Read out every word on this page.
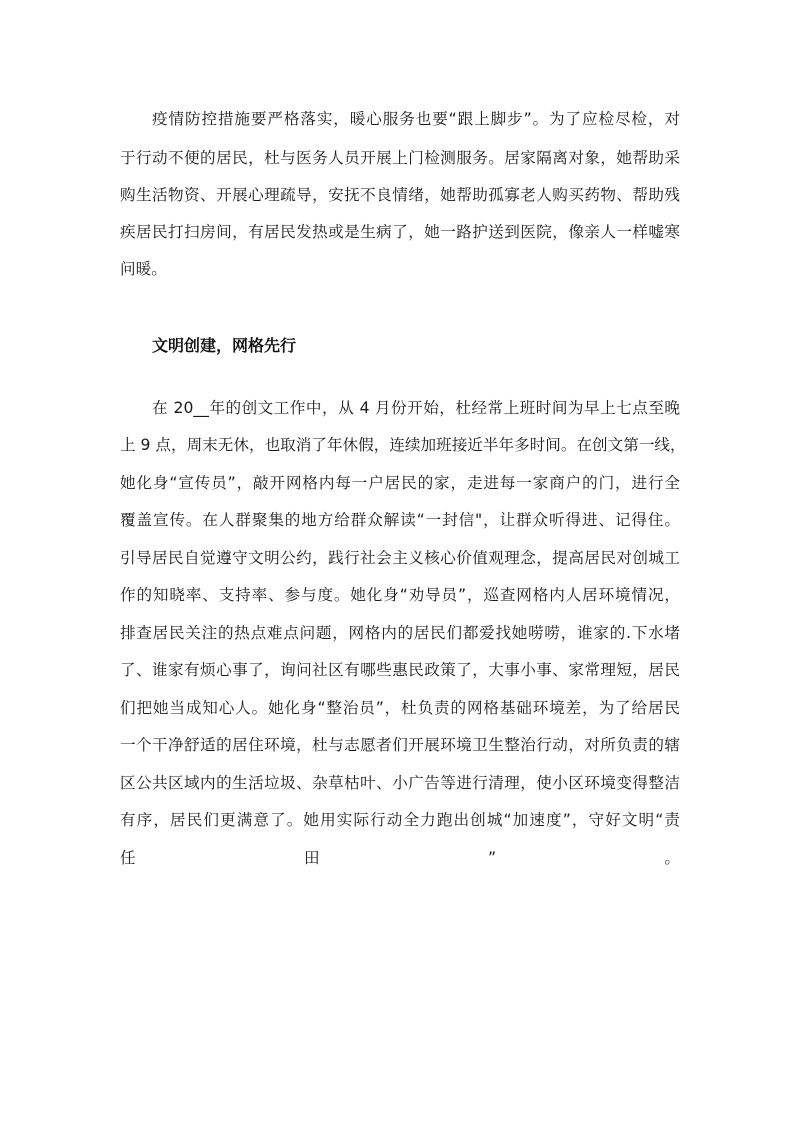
疫情防控措施要严格落实，暖心服务也要“跟上脚步”。为了应检尽检，对
于行动不便的居民，杜与医务人员开展上门检测服务。居家隔离对象，她帮助采
购生活物资、开展心理疏导，安抚不良情绪，她帮助孤寡老人购买药物、帮助残
疾居民打扫房间，有居民发热或是生病了，她一路护送到医院，像亲人一样嘘寒
问暖。
文明创建，网格先行
在 20__年的创文工作中，从 4 月份开始，杜经常上班时间为早上七点至晚
上 9 点，周末无休，也取消了年休假，连续加班接近半年多时间。在创文第一线，
她化身“宣传员”，敲开网格内每一户居民的家，走进每一家商户的门，进行全
覆盖宣传。在人群聚集的地方给群众解读“一封信"，让群众听得进、记得住。
引导居民自觉遵守文明公约，践行社会主义核心价值观理念，提高居民对创城工
作的知晓率、支持率、参与度。她化身“劝导员”，巡查网格内人居环境情况，
排查居民关注的热点难点问题，网格内的居民们都爱找她唠唠，谁家的.下水堵
了、谁家有烦心事了，询问社区有哪些惠民政策了，大事小事、家常理短，居民
们把她当成知心人。她化身“整治员”，杜负责的网格基础环境差，为了给居民
一个干净舒适的居住环境，杜与志愿者们开展环境卫生整治行动，对所负责的辖
区公共区域内的生活垃圾、杂草枯叶、小广告等进行清理，使小区环境变得整洁
有序，居民们更满意了。她用实际行动全力跑出创城“加速度”，守好文明“责
任田”。
